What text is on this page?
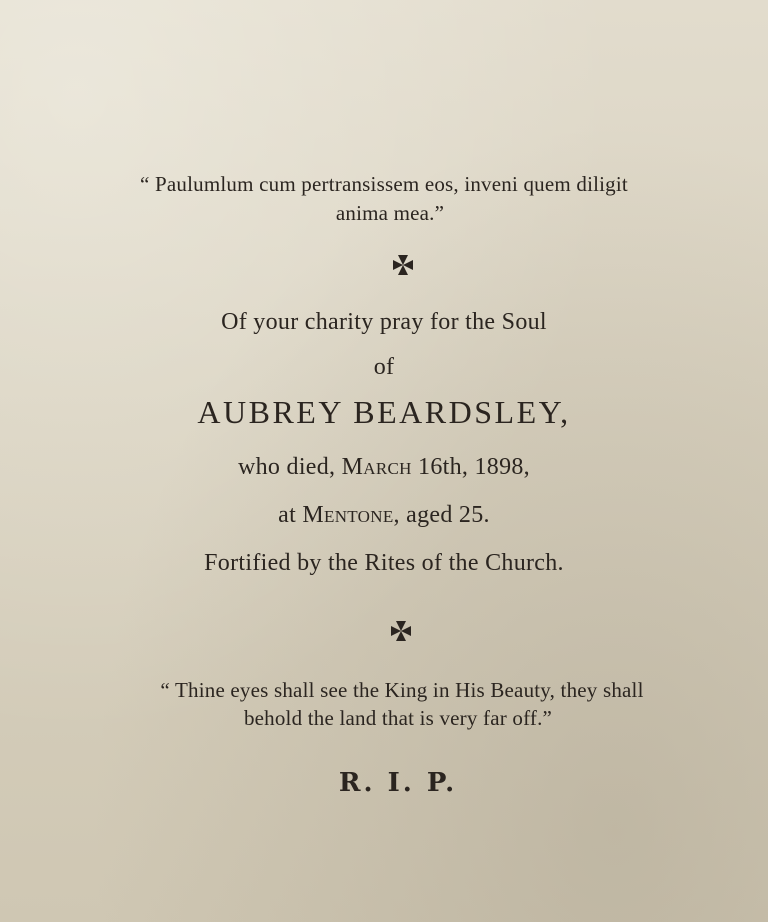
“ Paulumlum cum pertransissem eos, inveni quem diligit
anima mea.”
Of your charity pray for the Soul
of
AUBREY BEARDSLEY,
who died, March 16th, 1898,
at Mentone, aged 25.
Fortified by the Rites of the Church.
“ Thine eyes shall see the King in His Beauty, they shall
behold the land that is very far off.”
R. I. P.
